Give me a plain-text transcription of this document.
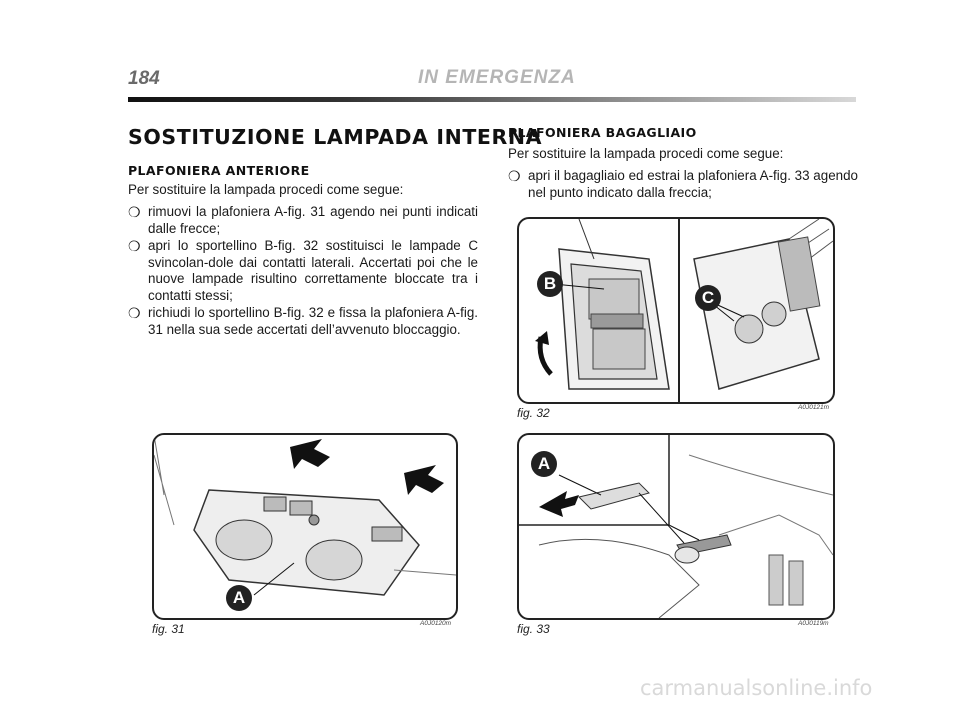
184	IN EMERGENZA
SOSTITUZIONE LAMPADA INTERNA
PLAFONIERA ANTERIORE
Per sostituire la lampada procedi come segue:
❍ rimuovi la plafoniera A-fig. 31 agendo nei punti indicati dalle frecce;
❍ apri lo sportellino B-fig. 32 sostituisci le lampade C svincolan-dole dai contatti laterali. Accertati poi che le nuove lampade risultino correttamente bloccate tra i contatti stessi;
❍ richiudi lo sportellino B-fig. 32 e fissa la plafoniera A-fig. 31 nella sua sede accertati dell’avvenuto bloccaggio.
PLAFONIERA BAGAGLIAIO
Per sostituire la lampada procedi come segue:
❍ apri il bagagliaio ed estrai la plafoniera A-fig. 33 agendo nel punto indicato dalla freccia;
B
C
fig. 32	A0J0121m
A
fig. 31	A0J0120m
A
fig. 33	A0J0119m
carmanualsonline.info
